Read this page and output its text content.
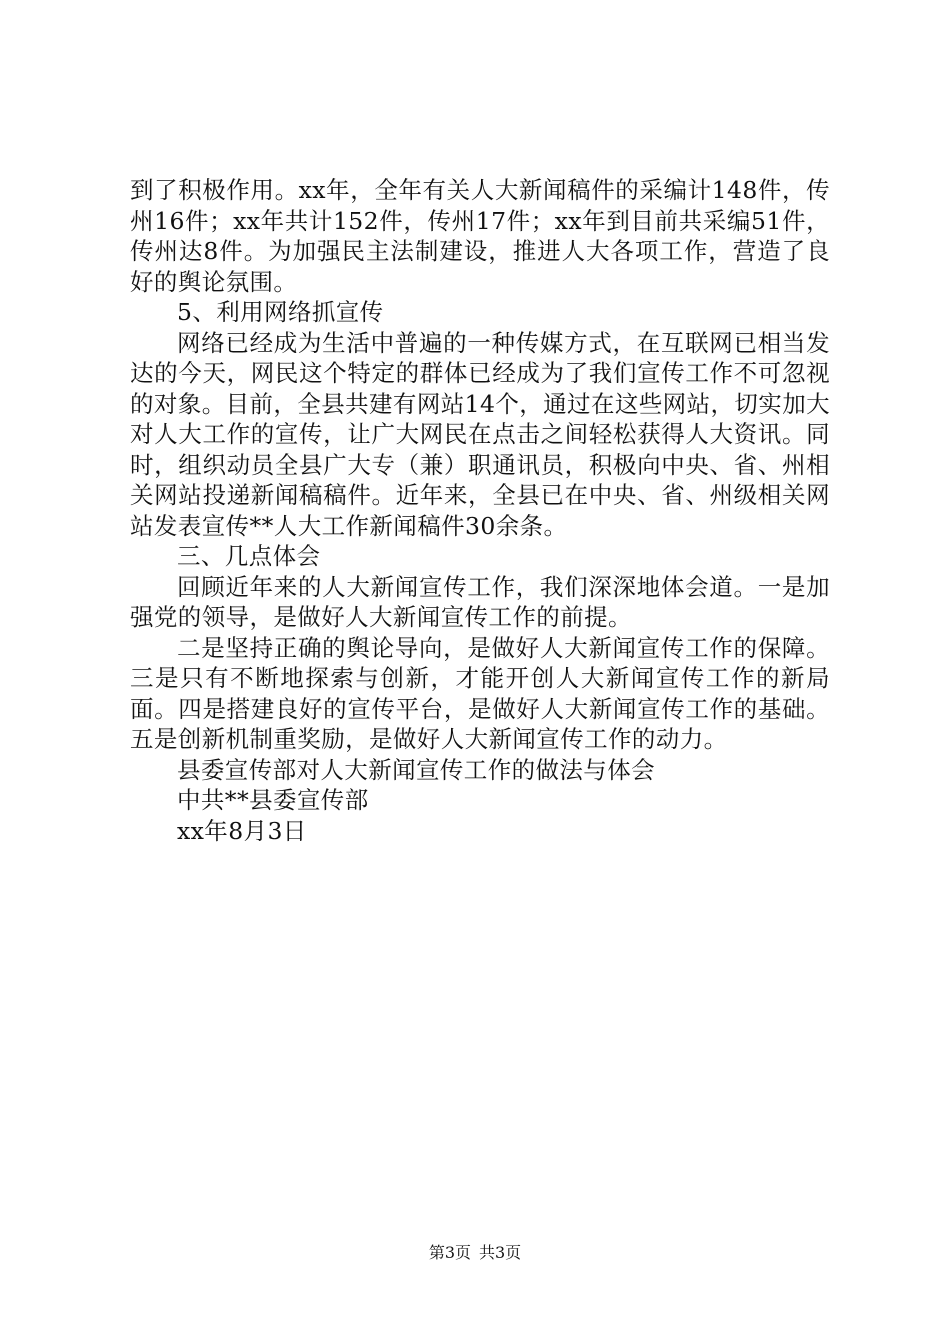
到了积极作用。xx年，全年有关人大新闻稿件的采编计148件，传州16件；xx年共计152件，传州17件；xx年到目前共采编51件，传州达8件。为加强民主法制建设，推进人大各项工作，营造了良好的舆论氛围。

5、利用网络抓宣传

网络已经成为生活中普遍的一种传媒方式，在互联网已相当发达的今天，网民这个特定的群体已经成为了我们宣传工作不可忽视的对象。目前，全县共建有网站14个，通过在这些网站，切实加大对人大工作的宣传，让广大网民在点击之间轻松获得人大资讯。同时，组织动员全县广大专（兼）职通讯员，积极向中央、省、州相关网站投递新闻稿稿件。近年来，全县已在中央、省、州级相关网站发表宣传**人大工作新闻稿件30余条。

三、几点体会

回顾近年来的人大新闻宣传工作，我们深深地体会道。一是加强党的领导，是做好人大新闻宣传工作的前提。

二是坚持正确的舆论导向，是做好人大新闻宣传工作的保障。三是只有不断地探索与创新，才能开创人大新闻宣传工作的新局面。四是搭建良好的宣传平台，是做好人大新闻宣传工作的基础。五是创新机制重奖励，是做好人大新闻宣传工作的动力。

县委宣传部对人大新闻宣传工作的做法与体会

中共**县委宣传部

xx年8月3日

第3页 共3页
